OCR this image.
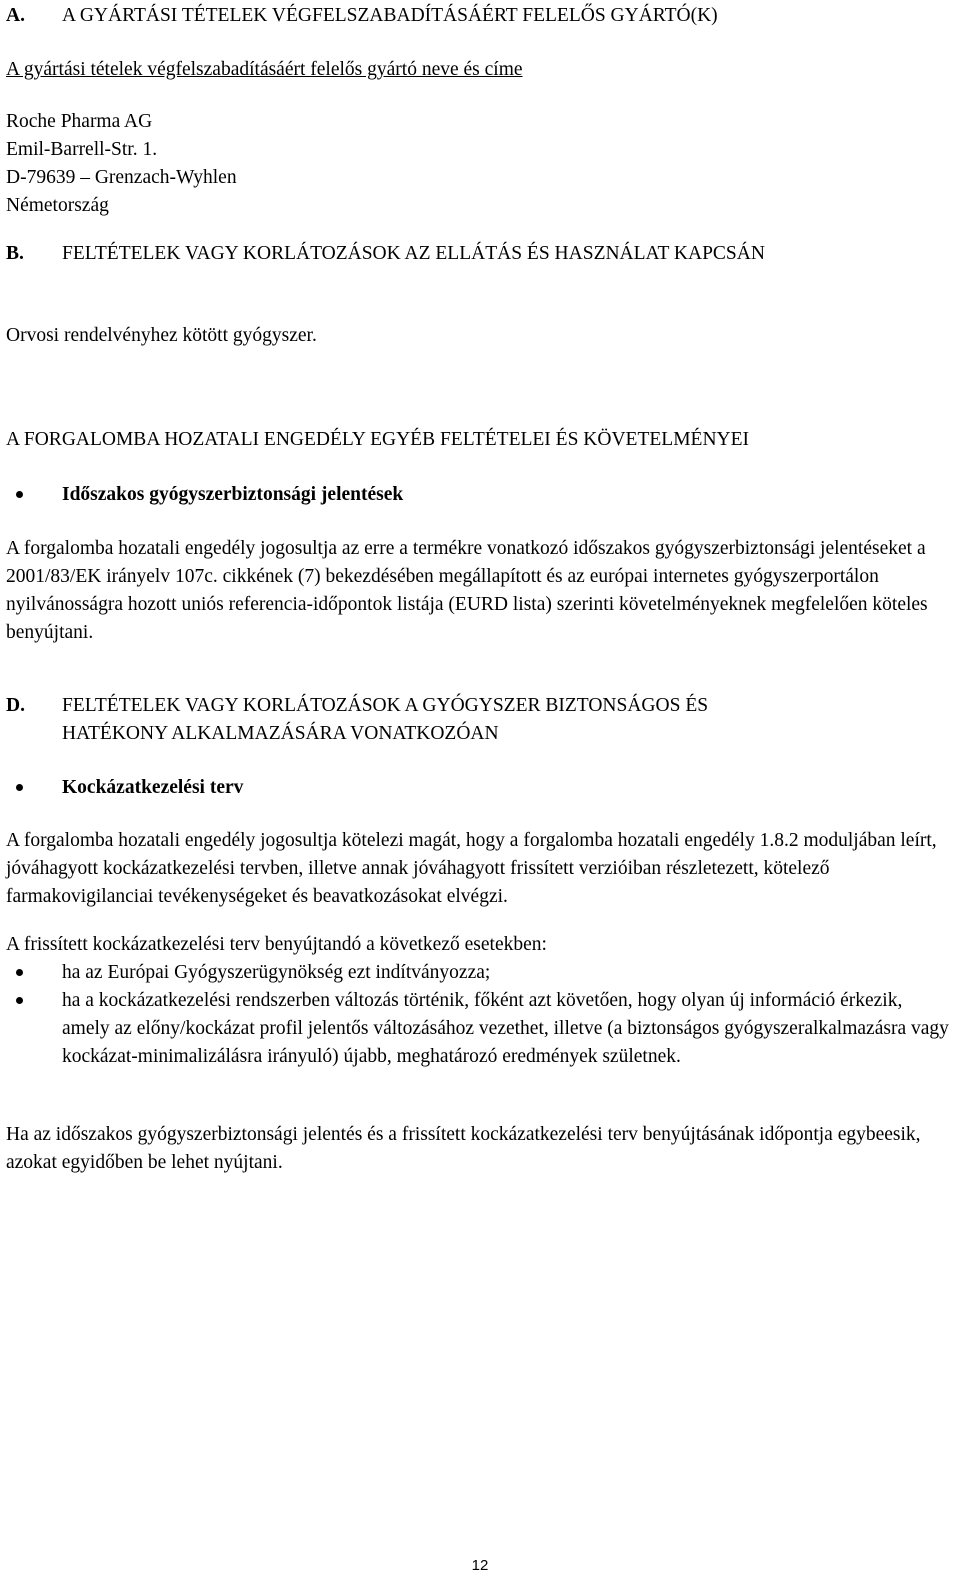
A.	A GYÁRTÁSI TÉTELEK VÉGFELSZABADÍTÁSÁÉRT FELELŐS GYÁRTÓ(K)

A gyártási tételek végfelszabadításáért felelős gyártó neve és címe

Roche Pharma AG
Emil-Barrell-Str. 1.
D-79639 – Grenzach-Wyhlen
Németország
B.	FELTÉTELEK VAGY KORLÁTOZÁSOK AZ ELLÁTÁS ÉS HASZNÁLAT KAPCSÁN

Orvosi rendelvényhez kötött gyógyszer.

A FORGALOMBA HOZATALI ENGEDÉLY EGYÉB FELTÉTELEI ÉS KÖVETELMÉNYEI
Időszakos gyógyszerbiztonsági jelentések

A forgalomba hozatali engedély jogosultja az erre a termékre vonatkozó időszakos gyógyszerbiztonsági jelentéseket a 2001/83/EK irányelv 107c. cikkének (7) bekezdésében megállapított és az európai internetes gyógyszerportálon nyilvánosságra hozott uniós referencia-időpontok listája (EURD lista) szerinti követelményeknek megfelelően köteles benyújtani.

D.	FELTÉTELEK VAGY KORLÁTOZÁSOK A GYÓGYSZER BIZTONSÁGOS ÉS
HATÉKONY ALKALMAZÁSÁRA VONATKOZÓAN
Kockázatkezelési terv

A forgalomba hozatali engedély jogosultja kötelezi magát, hogy a forgalomba hozatali engedély 1.8.2 moduljában leírt, jóváhagyott kockázatkezelési tervben, illetve annak jóváhagyott frissített verzióiban részletezett, kötelező farmakovigilanciai tevékenységeket és beavatkozásokat elvégzi.

A frissített kockázatkezelési terv benyújtandó a következő esetekben:

ha az Európai Gyógyszerügynökség ezt indítványozza;
ha a kockázatkezelési rendszerben változás történik, főként azt követően, hogy olyan új információ érkezik, amely az előny/kockázat profil jelentős változásához vezethet, illetve (a biztonságos gyógyszeralkalmazásra vagy kockázat-minimalizálásra irányuló) újabb, meghatározó eredmények születnek.

Ha az időszakos gyógyszerbiztonsági jelentés és a frissített kockázatkezelési terv benyújtásának időpontja egybeesik, azokat egyidőben be lehet nyújtani.

12
